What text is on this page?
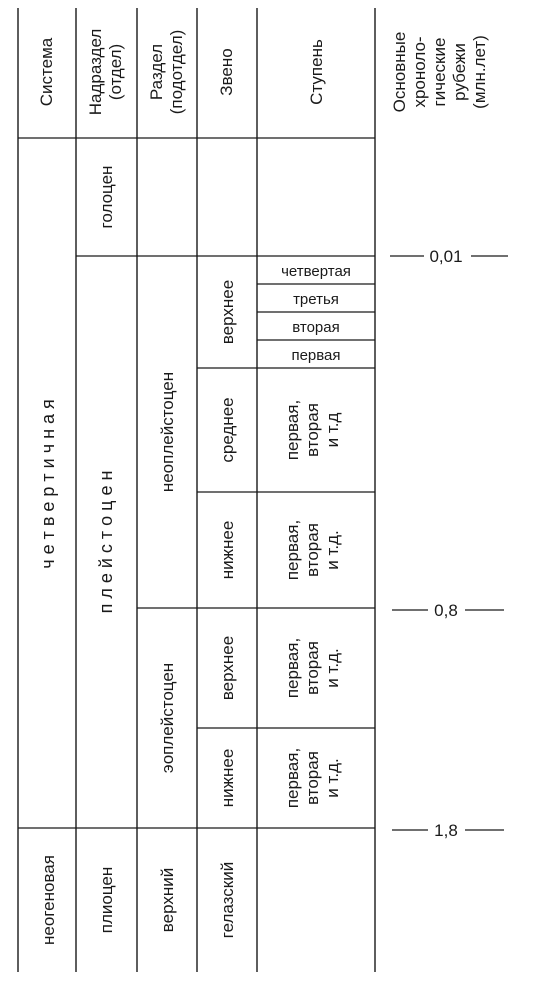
Система Надраздел (отдел) Раздел (подотдел) Звено	Ступень	Основные хроноло- гические рубежи (млн.лет)
ч е т в е р т и ч н а я
неогеновая
голоцен
п л е й с т о ц е н
плиоцен
неоплейстоцен
эоплейстоцен
верхний
верхнее
среднее
нижнее
верхнее
нижнее
гелазский
четвертая
третья
вторая
первая
первая, вторая и т.д
первая, вторая и т.д.
первая, вторая и т.д.
первая, вторая и т.д.
0,01
0,8
1,8
